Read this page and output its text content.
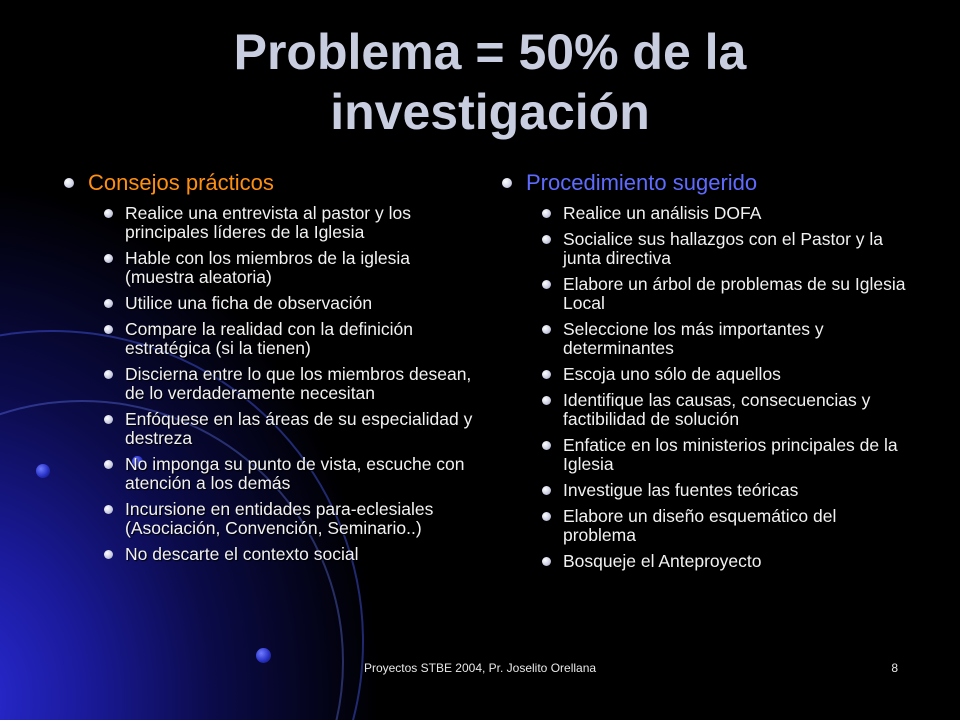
Problema = 50% de la investigación
Consejos prácticos
Realice una entrevista al pastor y los principales líderes de la Iglesia
Hable con los miembros de la iglesia (muestra aleatoria)
Utilice una ficha de observación
Compare la realidad con la definición estratégica (si la tienen)
Discierna entre lo que los miembros desean, de lo verdaderamente necesitan
Enfóquese en las áreas de su especialidad y destreza
No imponga su punto de vista, escuche con atención a los demás
Incursione en entidades para-eclesiales (Asociación, Convención, Seminario..)
No descarte el contexto social
Procedimiento sugerido
Realice un análisis DOFA
Socialice sus hallazgos con el Pastor y la junta directiva
Elabore un árbol de problemas de su Iglesia Local
Seleccione los más importantes y determinantes
Escoja uno sólo de aquellos
Identifique las causas, consecuencias y factibilidad de solución
Enfatice en los ministerios principales de la Iglesia
Investigue las fuentes teóricas
Elabore un diseño esquemático del problema
Bosqueje el Anteproyecto
Proyectos STBE 2004, Pr. Joselito Orellana	8
